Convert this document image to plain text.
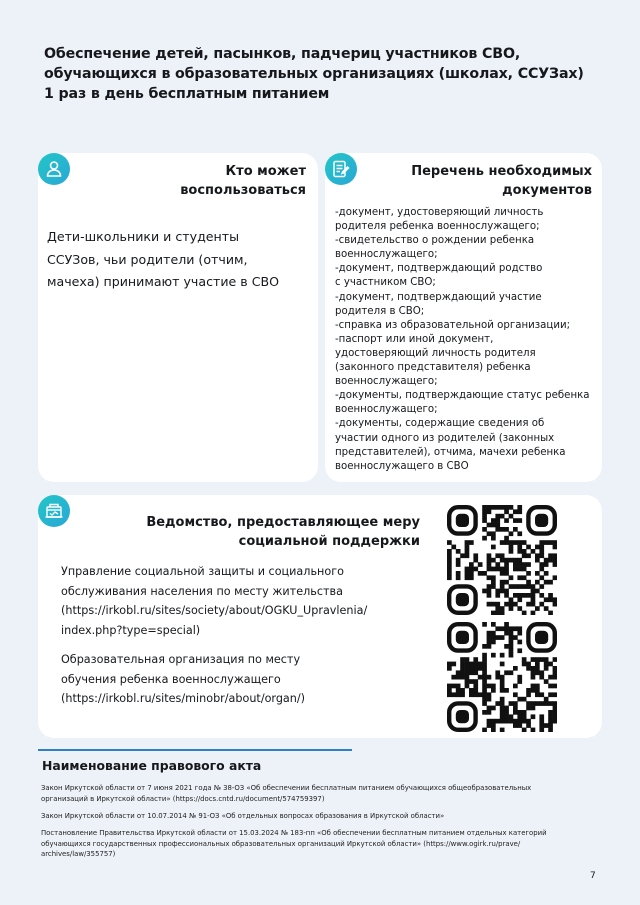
Обеспечение детей, пасынков, падчериц участников СВО,
обучающихся в образовательных организациях (школах, ССУЗах)
1 раз в день бесплатным питанием
Кто может
воспользоваться
Дети-школьники и студенты
ССУЗов, чьи родители (отчим,
мачеха) принимают участие в СВО
Перечень необходимых
документов
-документ, удостоверяющий личность
родителя ребенка военнослужащего;
-свидетельство о рождении ребенка
военнослужащего;
-документ, подтверждающий родство
с участником СВО;
-документ, подтверждающий участие
родителя в СВО;
-справка из образовательной организации;
-паспорт или иной документ,
удостоверяющий личность родителя
(законного представителя) ребенка
военнослужащего;
-документы, подтверждающие статус ребенка
военнослужащего;
-документы, содержащие сведения об
участии одного из родителей (законных
представителей), отчима, мачехи ребенка
военнослужащего в СВО
Ведомство, предоставляющее меру
социальной поддержки
Управление социальной защиты и социального
обслуживания населения по месту жительства
(https://irkobl.ru/sites/society/about/OGKU_Upravlenia/
index.php?type=special)
Образовательная организация по месту
обучения ребенка военнослужащего
(https://irkobl.ru/sites/minobr/about/organ/)
Наименование правового акта
Закон Иркутской области от 7 июня 2021 года № 38-ОЗ «Об обеспечении бесплатным питанием обучающихся общеобразовательных
организаций в Иркутской области» (https://docs.cntd.ru/document/574759397)
Закон Иркутской области от 10.07.2014 № 91-ОЗ «Об отдельных вопросах образования в Иркутской области»
Постановление Правительства Иркутской области от 15.03.2024 № 183-пп «Об обеспечении бесплатным питанием отдельных категорий
обучающихся государственных профессиональных образовательных организаций Иркутской области» (https://www.ogirk.ru/prave/
archives/law/355757)
7
